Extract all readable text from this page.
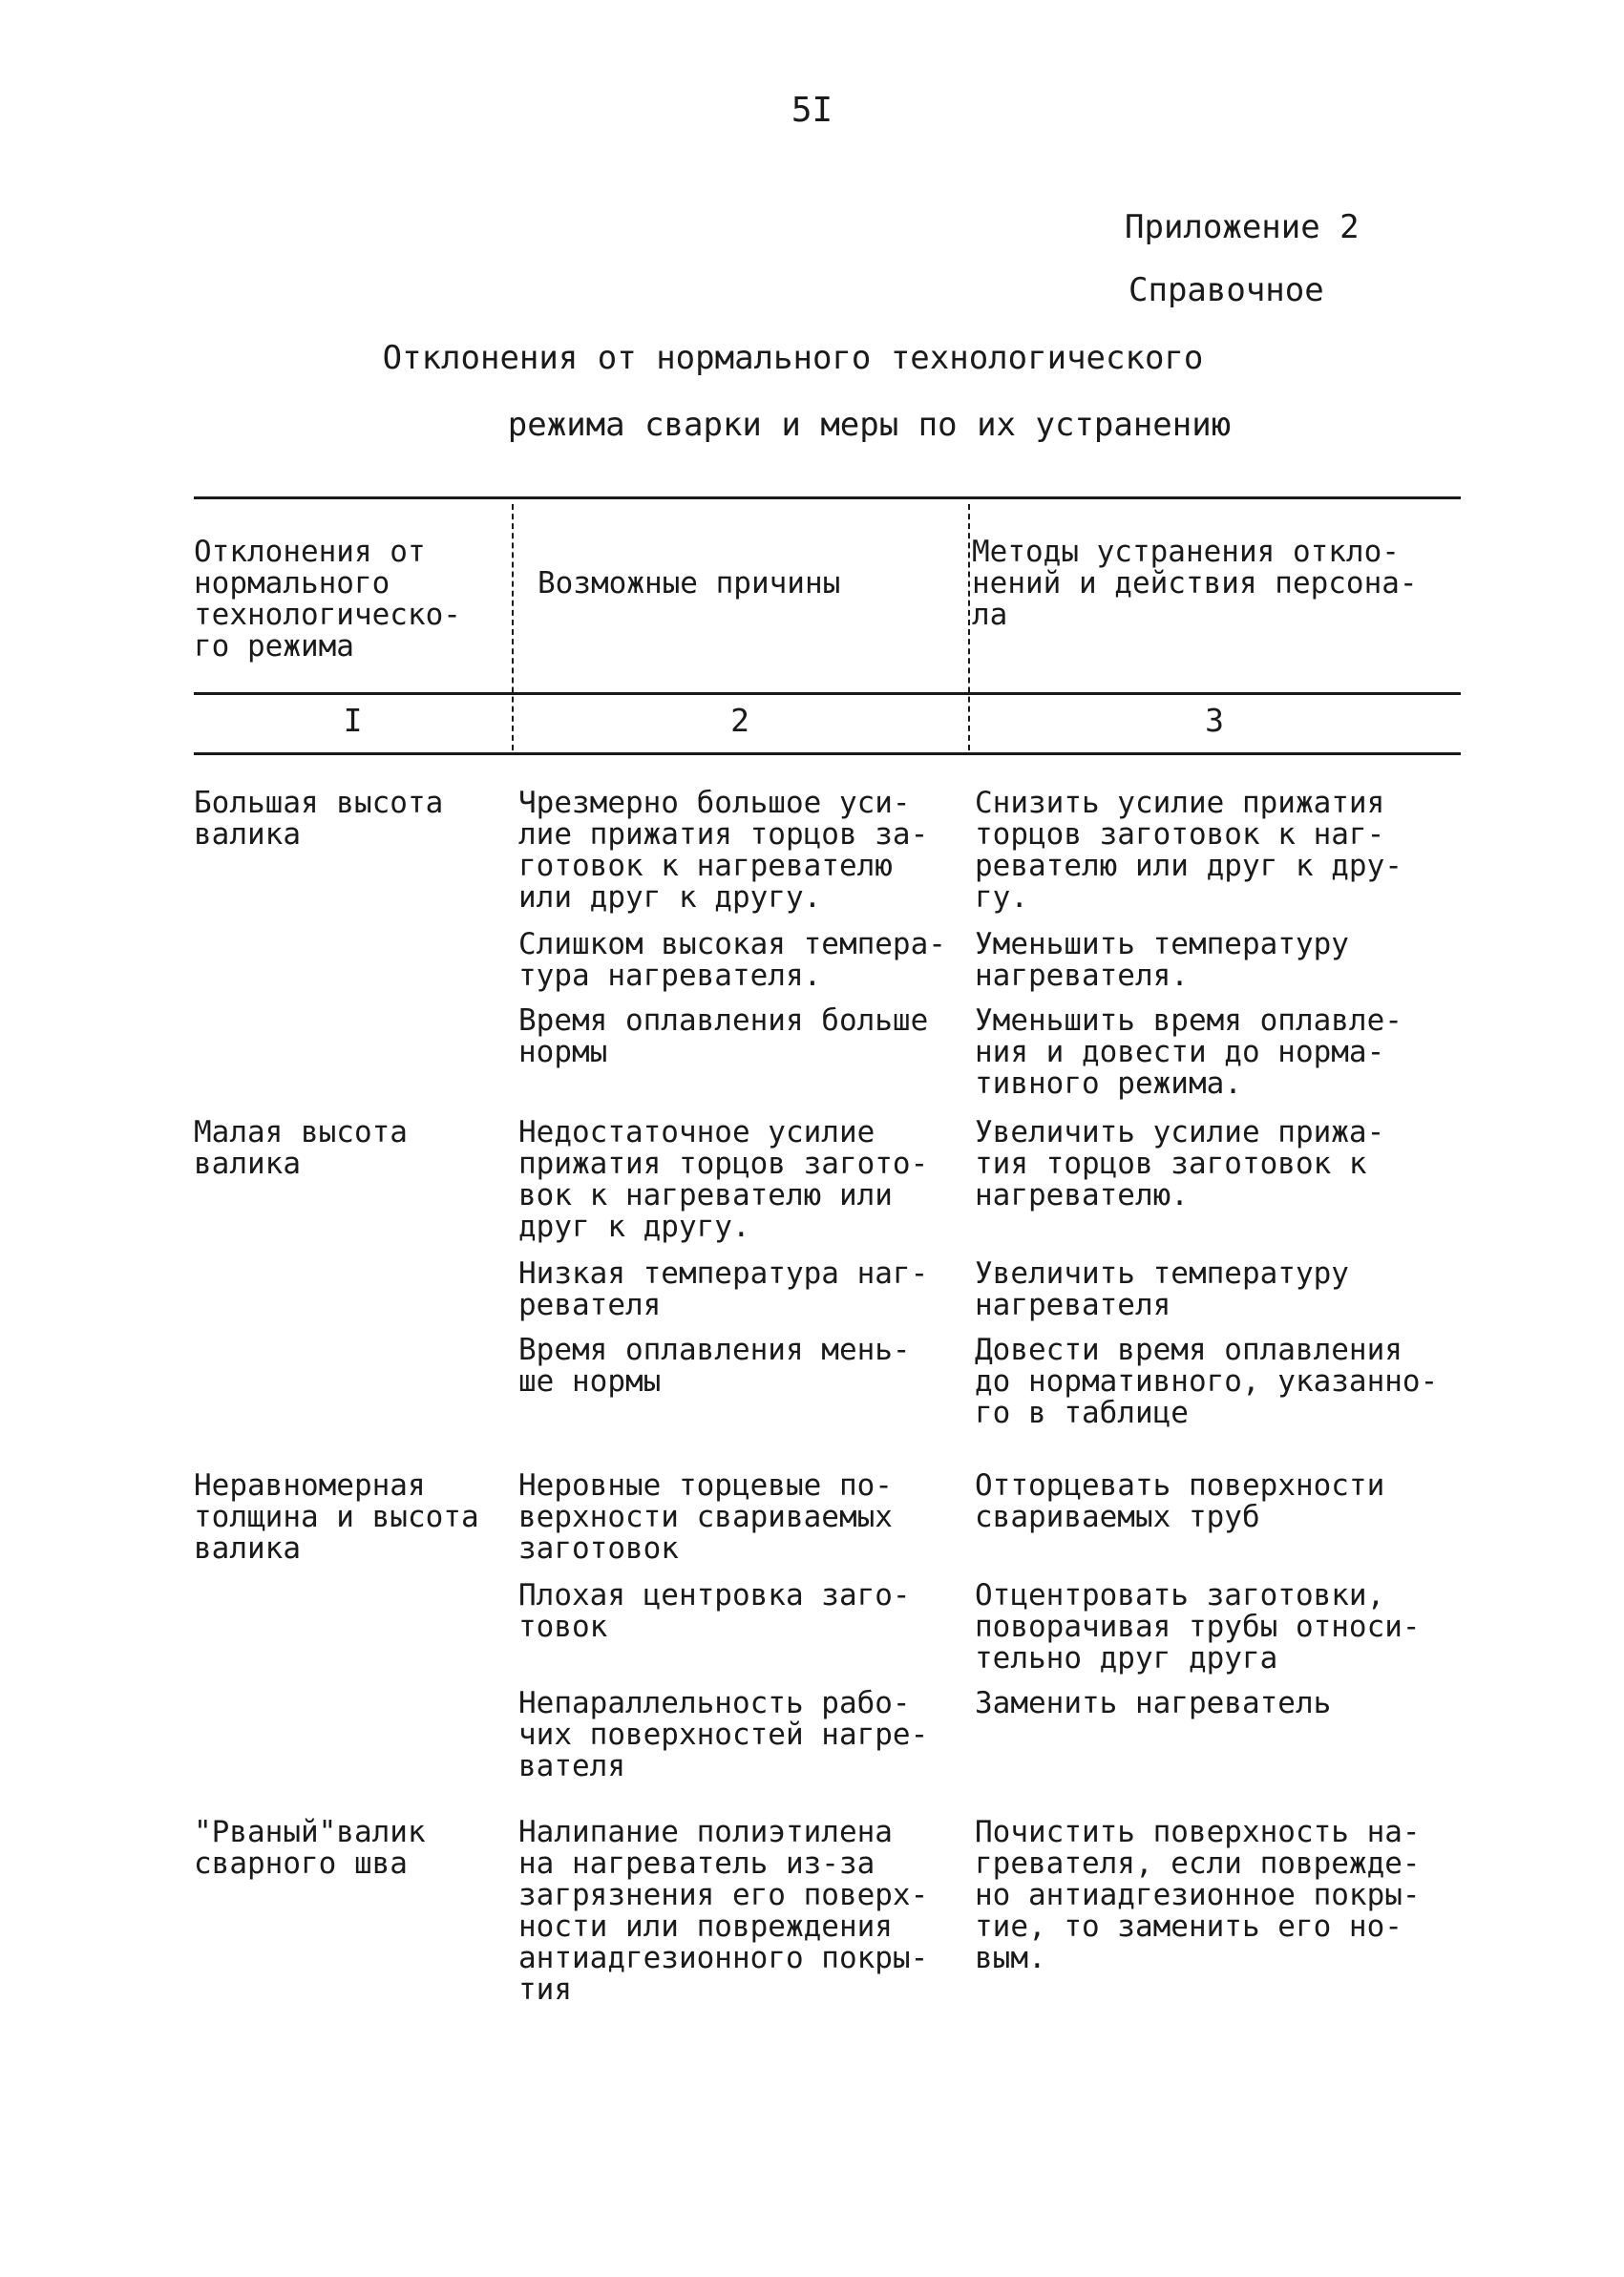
5I
Приложение 2
Справочное
Отклонения от нормального технологического
режима сварки и меры по их устранению
Отклонения от
нормального
технологическо-
го режима
Возможные причины
Методы устранения откло-
нений и действия персона-
ла
I	2	3
Большая высота
валика
Чрезмерно большое уси-
лие прижатия торцов за-
готовок к нагревателю
или друг к другу.
Снизить усилие прижатия
торцов заготовок к наг-
ревателю или друг к дру-
гу.
Слишком высокая темпера-
тура нагревателя.
Уменьшить температуру
нагревателя.
Время оплавления больше
нормы
Уменьшить время оплавле-
ния и довести до норма-
тивного режима.
Малая высота
валика
Недостаточное усилие
прижатия торцов загото-
вок к нагревателю или
друг к другу.
Увеличить усилие прижа-
тия торцов заготовок к
нагревателю.
Низкая температура наг-
ревателя
Увеличить температуру
нагревателя
Время оплавления мень-
ше нормы
Довести время оплавления
до нормативного, указанно-
го в таблице
Неравномерная
толщина и высота
валика
Неровные торцевые по-
верхности свариваемых
заготовок
Отторцевать поверхности
свариваемых труб
Плохая центровка заго-
товок
Отцентровать заготовки,
поворачивая трубы относи-
тельно друг друга
Непараллельность рабо-
чих поверхностей нагре-
вателя
Заменить нагреватель
"Рваный"валик
сварного шва
Налипание полиэтилена
на нагреватель из-за
загрязнения его поверх-
ности или повреждения
антиадгезионного покры-
тия
Почистить поверхность на-
гревателя, если поврежде-
но антиадгезионное покры-
тие, то заменить его но-
вым.
